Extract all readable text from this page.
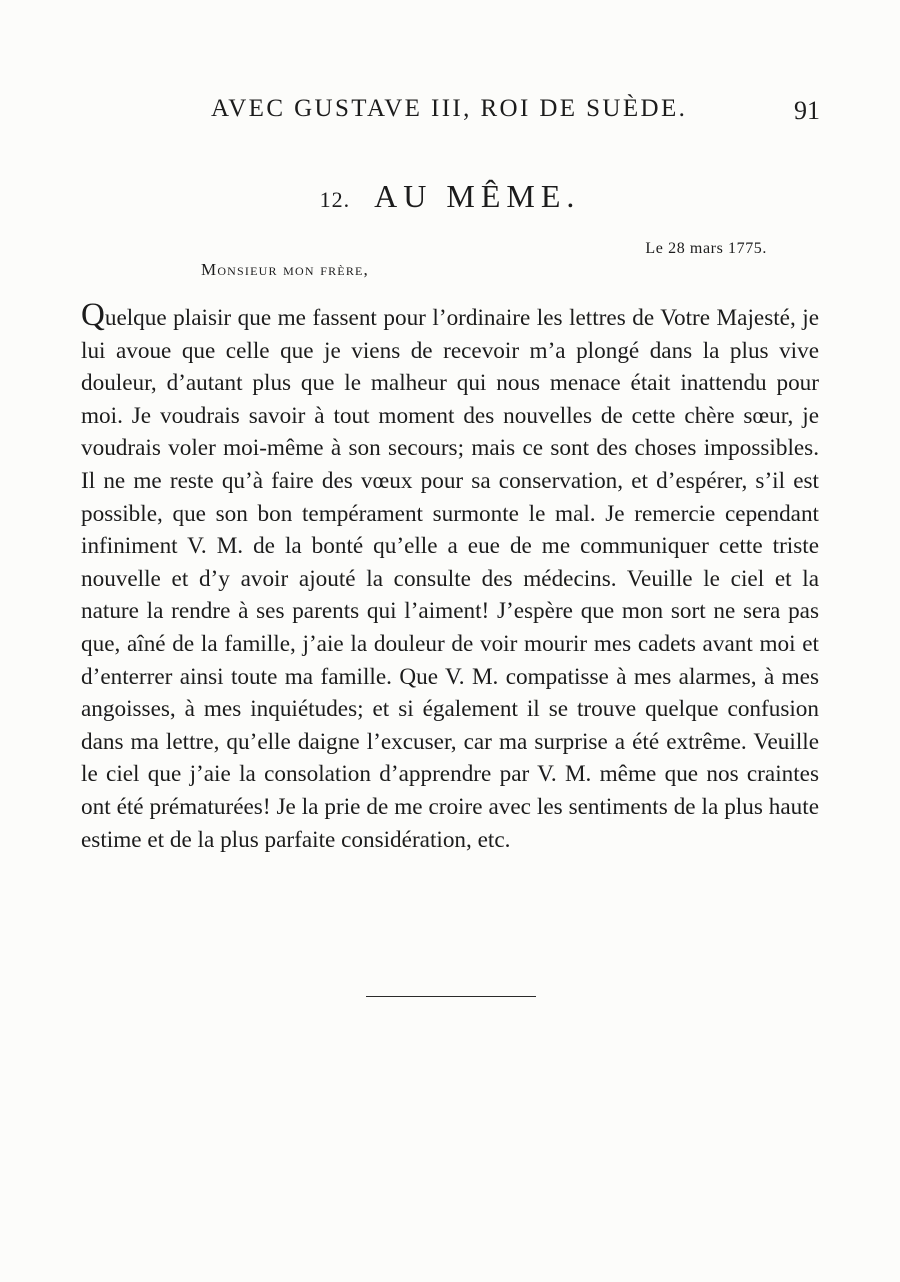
AVEC GUSTAVE III, ROI DE SUÈDE.	91
12. AU MÊME.
Le 28 mars 1775.
Monsieur mon frère,

Quelque plaisir que me fassent pour l’ordinaire les lettres de Votre Majesté, je lui avoue que celle que je viens de recevoir m’a plongé dans la plus vive douleur, d’autant plus que le malheur qui nous menace était inattendu pour moi. Je voudrais savoir à tout moment des nouvelles de cette chère sœur, je voudrais voler moi-même à son secours; mais ce sont des choses impossibles. Il ne me reste qu’à faire des vœux pour sa conservation, et d’espérer, s’il est possible, que son bon tempérament surmonte le mal. Je remercie cependant infiniment V. M. de la bonté qu’elle a eue de me communiquer cette triste nouvelle et d’y avoir ajouté la consulte des médecins. Veuille le ciel et la nature la rendre à ses parents qui l’aiment! J’espère que mon sort ne sera pas que, aîné de la famille, j’aie la douleur de voir mourir mes cadets avant moi et d’enterrer ainsi toute ma famille. Que V. M. compatisse à mes alarmes, à mes angoisses, à mes inquiétudes; et si également il se trouve quelque confusion dans ma lettre, qu’elle daigne l’excuser, car ma surprise a été extrême. Veuille le ciel que j’aie la consolation d’apprendre par V. M. même que nos craintes ont été prématurées! Je la prie de me croire avec les sentiments de la plus haute estime et de la plus parfaite considération, etc.
